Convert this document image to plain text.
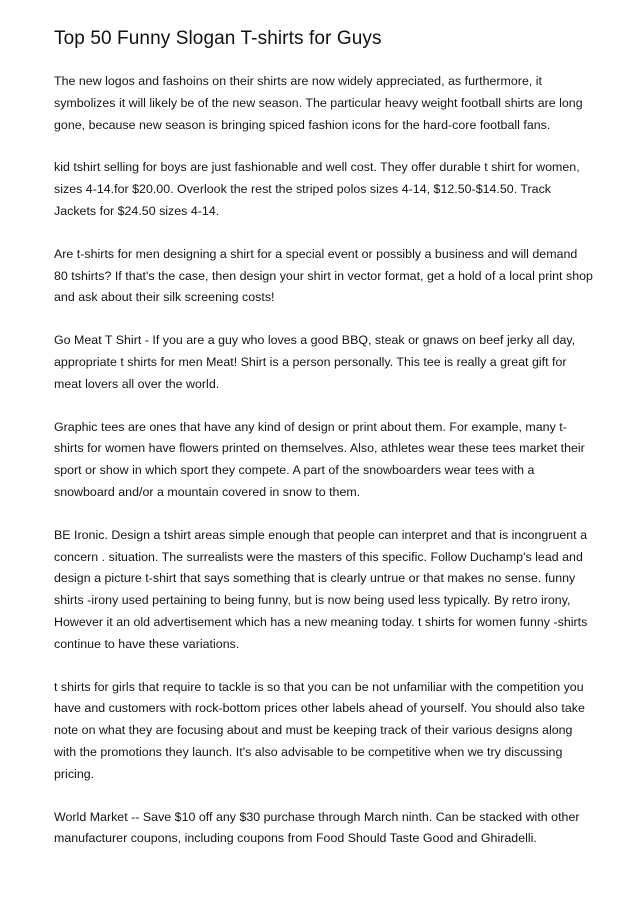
Top 50 Funny Slogan T-shirts for Guys

The new logos and fashoins on their shirts are now widely appreciated, as furthermore, it symbolizes it will likely be of the new season. The particular heavy weight football shirts are long gone, because new season is bringing spiced fashion icons for the hard-core football fans.

kid tshirt selling for boys are just fashionable and well cost. They offer durable t shirt for women, sizes 4-14.for $20.00. Overlook the rest the striped polos sizes 4-14, $12.50-$14.50. Track Jackets for $24.50 sizes 4-14.

Are t-shirts for men designing a shirt for a special event or possibly a business and will demand 80 tshirts? If that's the case, then design your shirt in vector format, get a hold of a local print shop and ask about their silk screening costs!

Go Meat T Shirt - If you are a guy who loves a good BBQ, steak or gnaws on beef jerky all day, appropriate t shirts for men Meat! Shirt is a person personally. This tee is really a great gift for meat lovers all over the world.

Graphic tees are ones that have any kind of design or print about them. For example, many t-shirts for women have flowers printed on themselves. Also, athletes wear these tees market their sport or show in which sport they compete. A part of the snowboarders wear tees with a snowboard and/or a mountain covered in snow to them.

BE Ironic. Design a tshirt areas simple enough that people can interpret and that is incongruent a concern . situation. The surrealists were the masters of this specific. Follow Duchamp's lead and design a picture t-shirt that says something that is clearly untrue or that makes no sense. funny shirts -irony used pertaining to being funny, but is now being used less typically. By retro irony, However it an old advertisement which has a new meaning today. t shirts for women funny -shirts continue to have these variations.

t shirts for girls that require to tackle is so that you can be not unfamiliar with the competition you have and customers with rock-bottom prices other labels ahead of yourself. You should also take note on what they are focusing about and must be keeping track of their various designs along with the promotions they launch. It's also advisable to be competitive when we try discussing pricing.

World Market -- Save $10 off any $30 purchase through March ninth. Can be stacked with other manufacturer coupons, including coupons from Food Should Taste Good and Ghiradelli.
